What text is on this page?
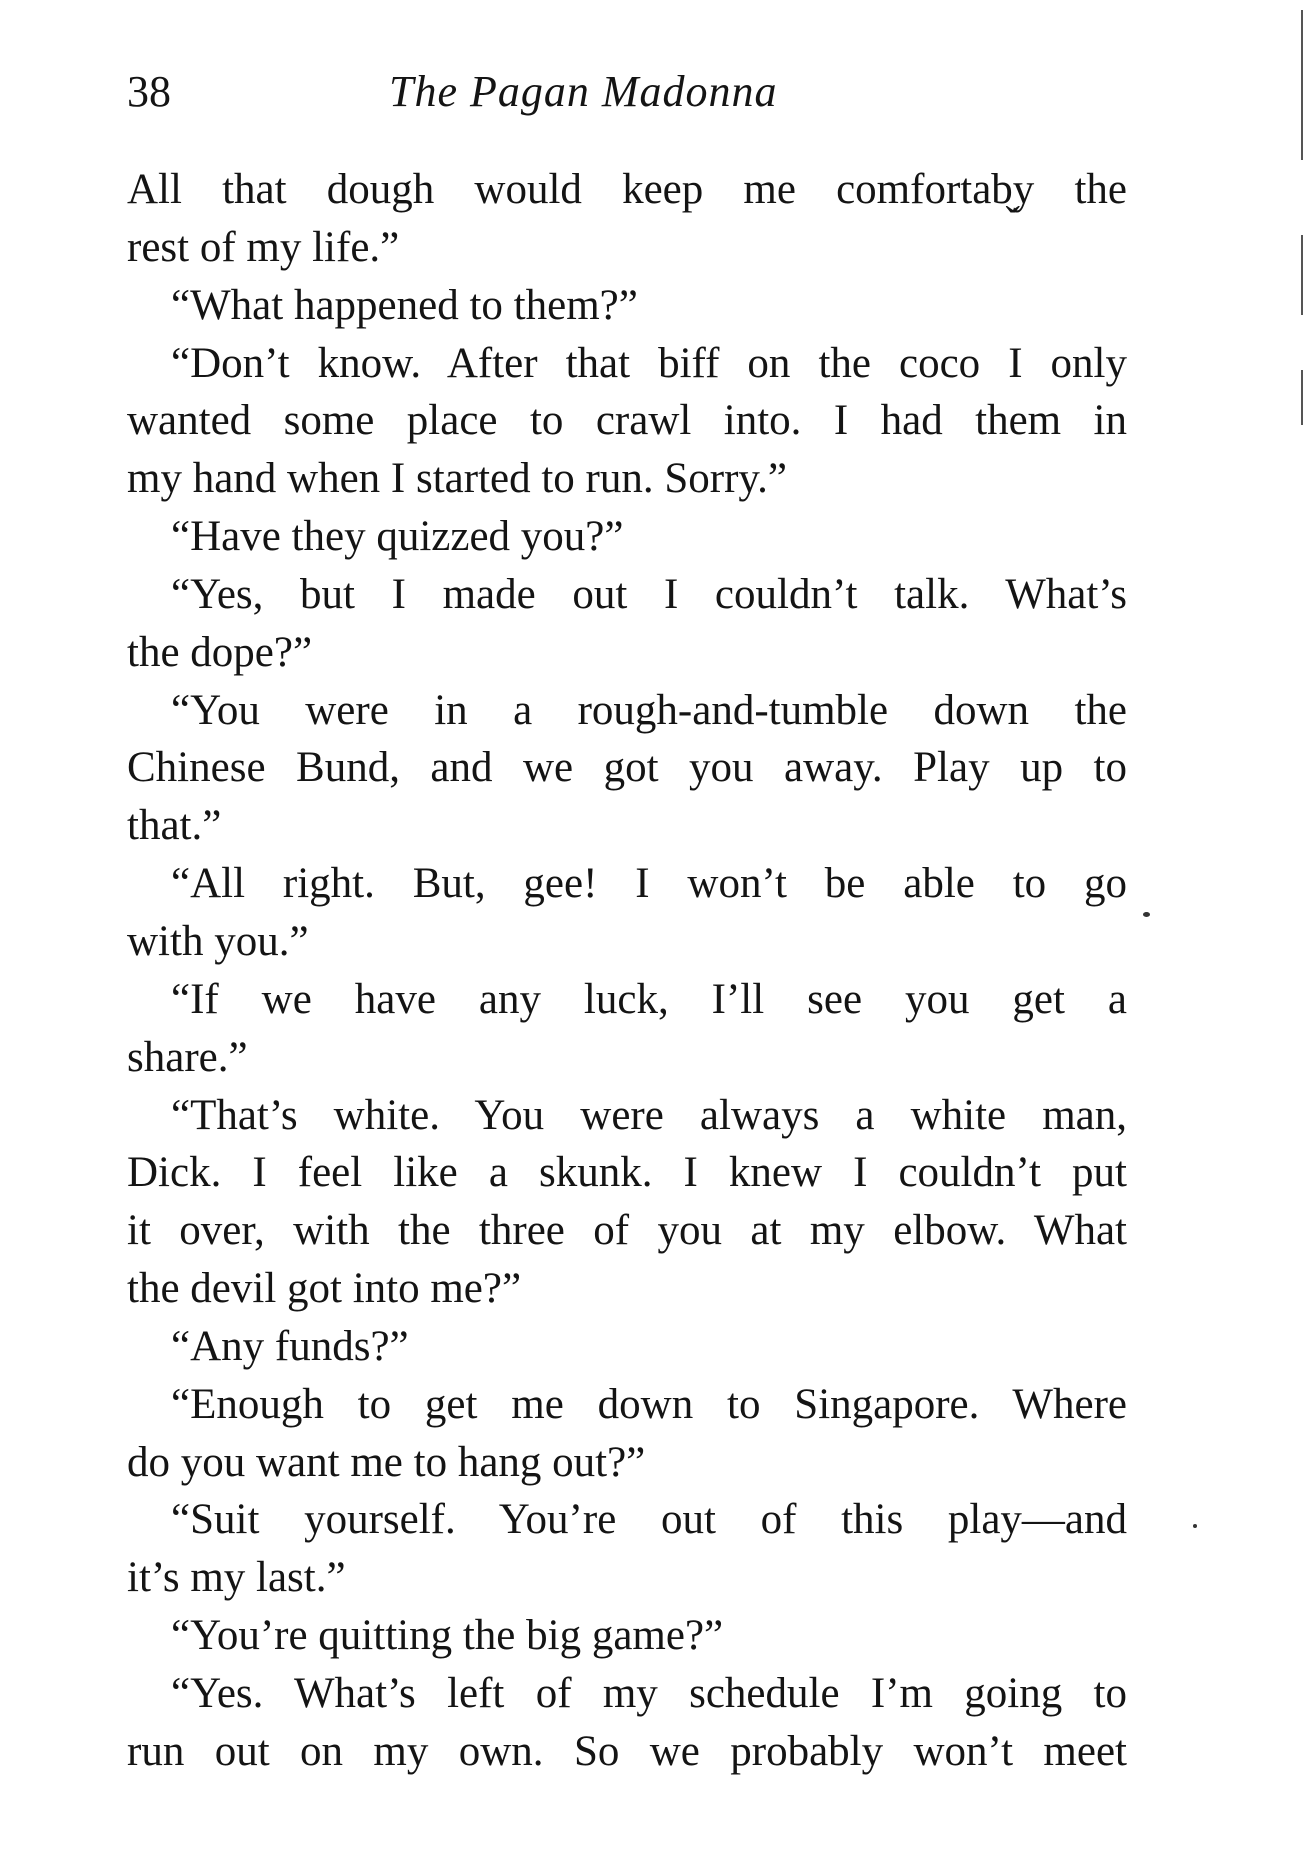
38	The Pagan Madonna
All that dough would keep me comfortab̬y the
rest of my life.”
“What happened to them?”
“Don’t know. After that biff on the coco I only
wanted some place to crawl into. I had them in
my hand when I started to run. Sorry.”
“Have they quizzed you?”
“Yes, but I made out I couldn’t talk. What’s
the dope?”
“You were in a rough-and-tumble down the
Chinese Bund, and we got you away. Play up to
that.”
“All right. But, gee! I won’t be able to go
with you.”
“If we have any luck, I’ll see you get a
share.”
“That’s white. You were always a white man,
Dick. I feel like a skunk. I knew I couldn’t put
it over, with the three of you at my elbow. What
the devil got into me?”
“Any funds?”
“Enough to get me down to Singapore. Where
do you want me to hang out?”
“Suit yourself. You’re out of this play—and
it’s my last.”
“You’re quitting the big game?”
“Yes. What’s left of my schedule I’m going to
run out on my own. So we probably won’t meet
